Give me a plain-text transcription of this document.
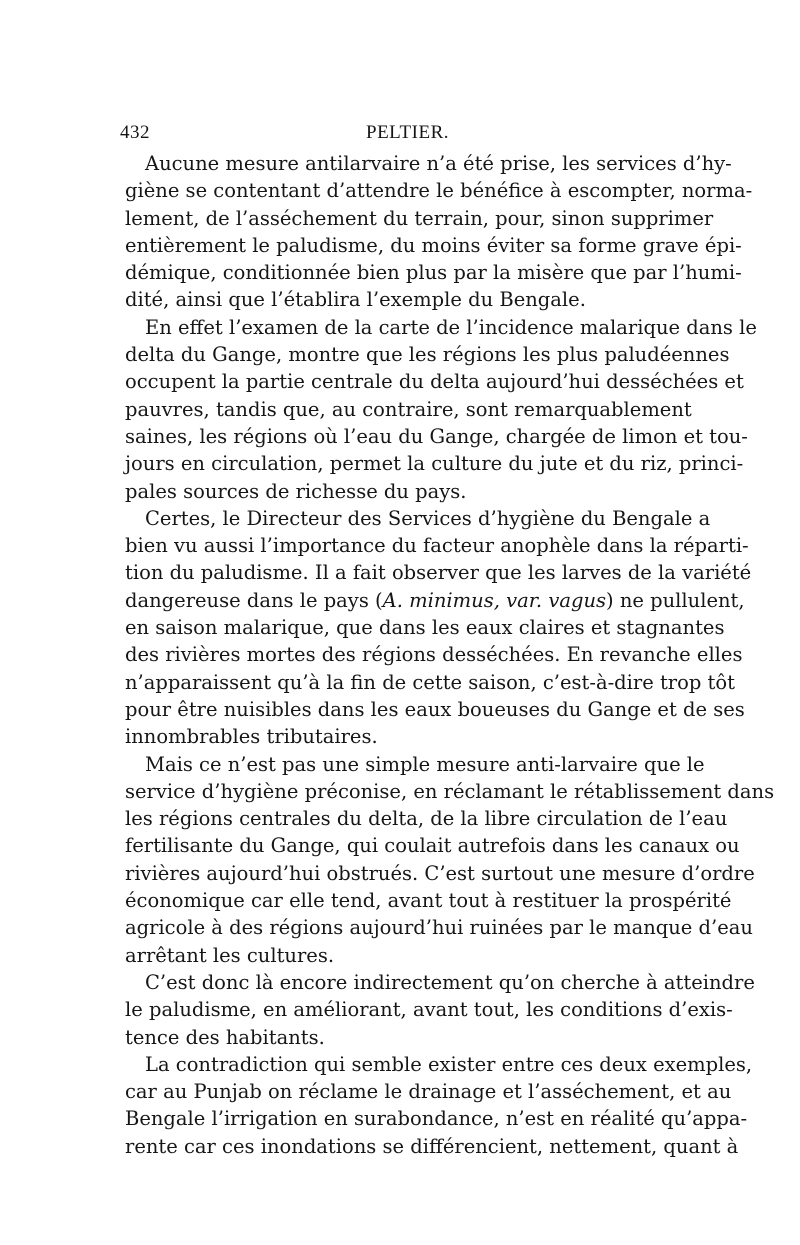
432	PELTIER.
Aucune mesure antilarvaire n’a été prise, les services d’hy-
giène se contentant d’attendre le bénéfice à escompter, norma-
lement, de l’asséchement du terrain, pour, sinon supprimer
entièrement le paludisme, du moins éviter sa forme grave épi-
démique, conditionnée bien plus par la misère que par l’humi-
dité, ainsi que l’établira l’exemple du Bengale.
En effet l’examen de la carte de l’incidence malarique dans le
delta du Gange, montre que les régions les plus paludéennes
occupent la partie centrale du delta aujourd’hui desséchées et
pauvres, tandis que, au contraire, sont remarquablement
saines, les régions où l’eau du Gange, chargée de limon et tou-
jours en circulation, permet la culture du jute et du riz, princi-
pales sources de richesse du pays.
Certes, le Directeur des Services d’hygiène du Bengale a
bien vu aussi l’importance du facteur anophèle dans la réparti-
tion du paludisme. Il a fait observer que les larves de la variété
dangereuse dans le pays (A. minimus, var. vagus) ne pullulent,
en saison malarique, que dans les eaux claires et stagnantes
des rivières mortes des régions desséchées. En revanche elles
n’apparaissent qu’à la fin de cette saison, c’est-à-dire trop tôt
pour être nuisibles dans les eaux boueuses du Gange et de ses
innombrables tributaires.
Mais ce n’est pas une simple mesure anti-larvaire que le
service d’hygiène préconise, en réclamant le rétablissement dans
les régions centrales du delta, de la libre circulation de l’eau
fertilisante du Gange, qui coulait autrefois dans les canaux ou
rivières aujourd’hui obstrués. C’est surtout une mesure d’ordre
économique car elle tend, avant tout à restituer la prospérité
agricole à des régions aujourd’hui ruinées par le manque d’eau
arrêtant les cultures.
C’est donc là encore indirectement qu’on cherche à atteindre
le paludisme, en améliorant, avant tout, les conditions d’exis-
tence des habitants.
La contradiction qui semble exister entre ces deux exemples,
car au Punjab on réclame le drainage et l’asséchement, et au
Bengale l’irrigation en surabondance, n’est en réalité qu’appa-
rente car ces inondations se différencient, nettement, quant à
